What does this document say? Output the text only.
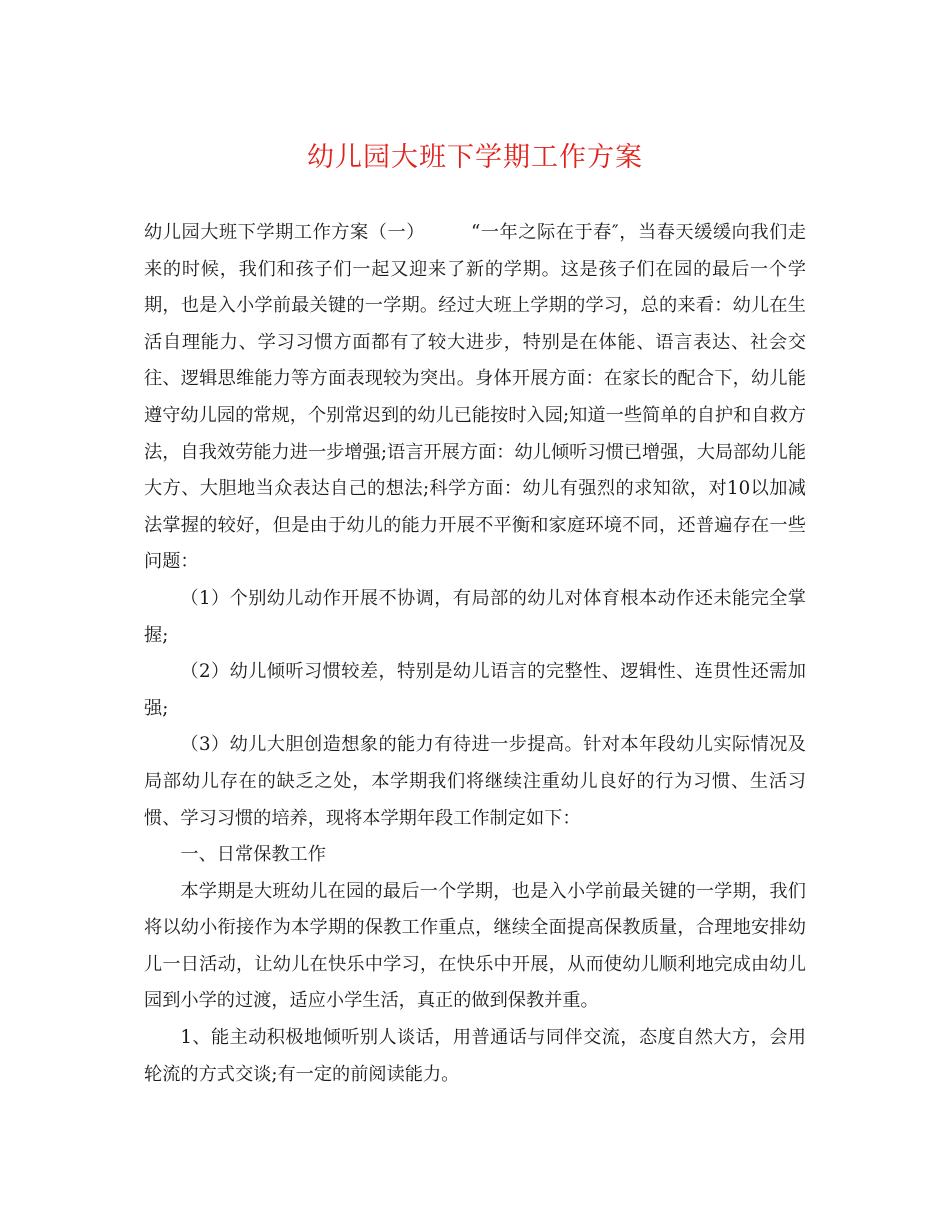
幼儿园大班下学期工作方案

幼儿园大班下学期工作方案（一）	“一年之际在于春″，当春天缓缓向我们走来的时候，我们和孩子们一起又迎来了新的学期。这是孩子们在园的最后一个学期，也是入小学前最关键的一学期。经过大班上学期的学习，总的来看：幼儿在生活自理能力、学习习惯方面都有了较大进步，特别是在体能、语言表达、社会交往、逻辑思维能力等方面表现较为突出。身体开展方面：在家长的配合下，幼儿能遵守幼儿园的常规，个别常迟到的幼儿已能按时入园;知道一些简单的自护和自救方法，自我效劳能力进一步增强;语言开展方面：幼儿倾听习惯已增强，大局部幼儿能大方、大胆地当众表达自己的想法;科学方面：幼儿有强烈的求知欲，对10以加减法掌握的较好，但是由于幼儿的能力开展不平衡和家庭环境不同，还普遍存在一些问题：

（1）个别幼儿动作开展不协调，有局部的幼儿对体育根本动作还未能完全掌握;

（2）幼儿倾听习惯较差，特别是幼儿语言的完整性、逻辑性、连贯性还需加强;

（3）幼儿大胆创造想象的能力有待进一步提高。针对本年段幼儿实际情况及局部幼儿存在的缺乏之处，本学期我们将继续注重幼儿良好的行为习惯、生活习惯、学习习惯的培养，现将本学期年段工作制定如下：

一、日常保教工作

本学期是大班幼儿在园的最后一个学期，也是入小学前最关键的一学期，我们将以幼小衔接作为本学期的保教工作重点，继续全面提高保教质量，合理地安排幼儿一日活动，让幼儿在快乐中学习，在快乐中开展，从而使幼儿顺利地完成由幼儿园到小学的过渡，适应小学生活，真正的做到保教并重。

1、能主动积极地倾听别人谈话，用普通话与同伴交流，态度自然大方，会用轮流的方式交谈;有一定的前阅读能力。
